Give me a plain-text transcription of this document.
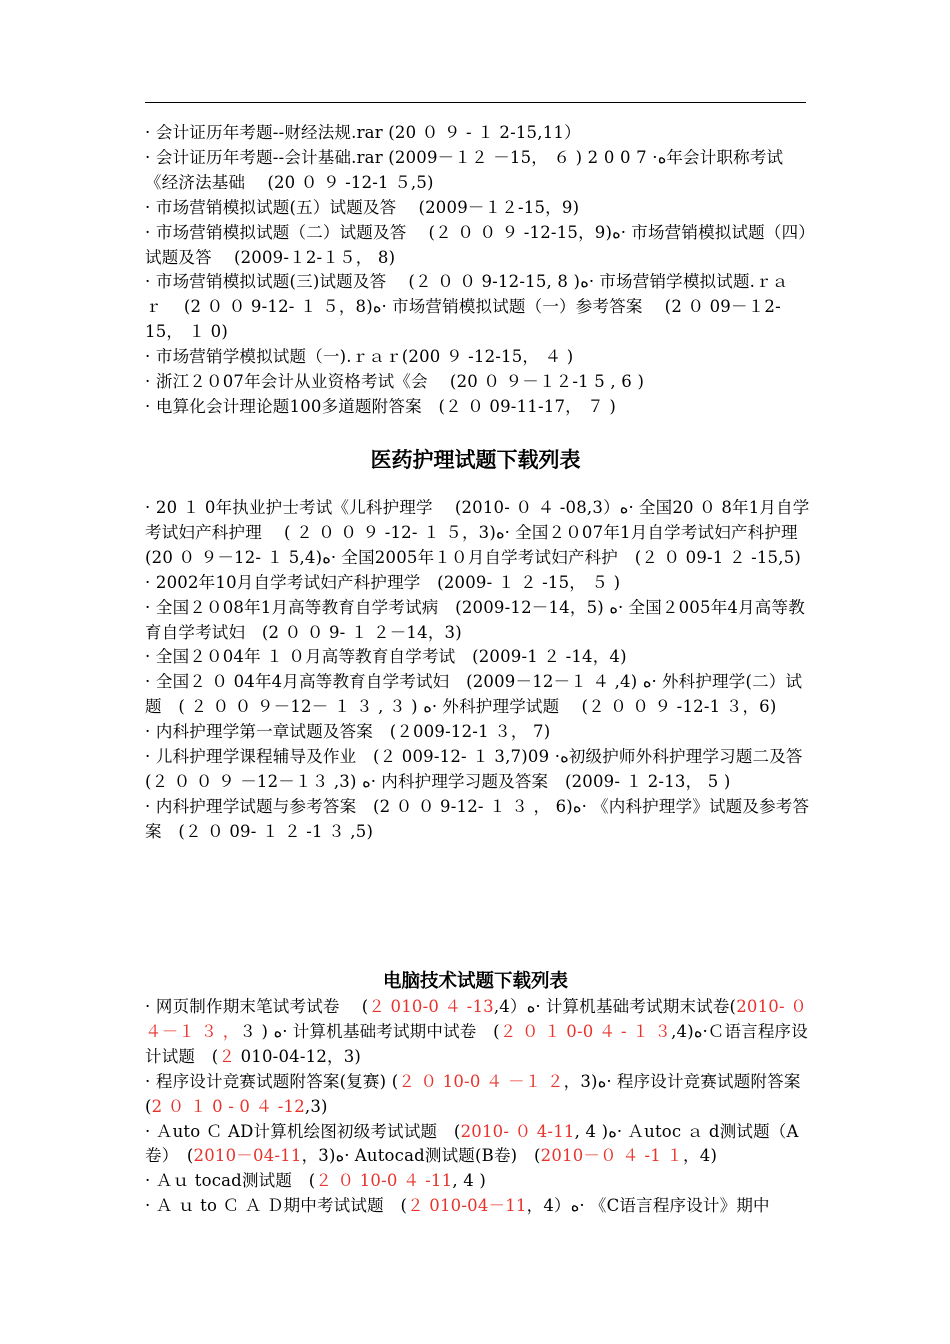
· 会计证历年考题--财经法规.rar (20 ０ ９ - １ 2-15,11）

· 会计证历年考题--会计基础.rar (2009－１２ －15， ６ ) 2 0 0 7 ·ﻩ年会计职称考试《经济法基础　 (20 ０ ９ -12-1 ５,5)

· 市场营销模拟试题(五）试题及答　 (2009－１２-15，9)

· 市场营销模拟试题（二）试题及答　 (２ ０ ０ ９ -12-15，9)ﻩ· 市场营销模拟试题（四）试题及答　 (2009-１2-１５， 8)

· 市场营销模拟试题(三)试题及答　 (２ ０ ０ 9-12-15, 8 )ﻩ· 市场营销学模拟试题.ｒａ ｒ　 (2 ０ ０ 9-12- １ ５，8)ﻩ· 市场营销模拟试题（一）参考答案　 (2 ０ 09－１2-15， １ 0)

· 市场营销学模拟试题（一).ｒａｒ(200 ９ -12-15， ４ )

· 浙江２０07年会计从业资格考试《会　 (20 ０ ９－１２-1 5 , 6 )

· 电算化会计理论题100多道题附答案　(２ ０ 09-11-17， ７ )

医药护理试题下载列表

· 20 １ 0年执业护士考试《儿科护理学　 (2010- ０ ４ -08,3）ﻩ· 全国20 ０ 8年1月自学考试妇产科护理　 ( ２ ０ ０ ９ -12- １ ５，3)ﻩ· 全国２０07年1月自学考试妇产科护理　 (20 ０ ９－12- １ 5,4)ﻩ· 全国2005年１０月自学考试妇产科护　(２ ０ 09-1 ２ -15,5)

· 2002年10月自学考试妇产科护理学　(2009- １ ２ -15， ５ )

· 全国２０08年1月高等教育自学考试病　(2009-12－14，5) ﻩ· 全国２005年4月高等教育自学考试妇　(2 ０ ０ 9- １ ２－14，3)

· 全国２０04年 １ ０月高等教育自学考试　(2009-1 ２ -14，4)

· 全国２ ０ 04年4月高等教育自学考试妇　(2009－12－１ ４ ,4) ﻩ· 外科护理学(二）试题　( ２ ０ ０ ９－12－ １ ３ , ３ ) ﻩ· 外科护理学试题　 (２ ０ ０ ９ -12-1 ３，6)

· 内科护理学第一章试题及答案　(２009-12-1 ３， 7)

· 儿科护理学课程辅导及作业　(２ 009-12- １ 3,7)09 ·ﻩ初级护师外科护理学习题二及答　 (２ ０ ０ ９ －12－１３ ,3) ﻩ· 内科护理学习题及答案　(2009- １ 2-13， 5 )

· 内科护理学试题与参考答案　(2 ０ ０ 9-12- １ ３ ， 6)ﻩ· 《内科护理学》试题及参考答案　(２ ０ 09- １ ２ -1 ３ ,5)

电脑技术试题下载列表

· 网页制作期末笔试考试卷　 (２ 010-0 ４ -13,4）ﻩ· 计算机基础考试期末试卷(2010- ０ ４－１ ３ ，３ ) ﻩ· 计算机基础考试期中试卷　(２ ０ １ 0-0 ４ - １ ３,4)ﻩ·Ｃ语言程序设计试题　(２ 010-04-12，3)

· 程序设计竞赛试题附答案(复赛) (２ ０ 10-0 ４ －１ ２，3)ﻩ· 程序设计竞赛试题附答案　(2 ０ １ 0 - 0 ４ -12,3)

· Ａuto Ｃ AD计算机绘图初级考试试题　(2010- ０ 4-11, 4 )ﻩ· Ａutoc ａ d测试题（A卷）　(2010－04-11，3)ﻩ· Autocad测试题(B卷)　(2010－０ ４ -1 １，4)

· Ａｕ tocad测试题　(２ ０ 10-0 ４ -11, 4 )

· Ａ ｕ to Ｃ Ａ Ｄ期中考试试题　(２ 010-04－11，4）ﻩ· 《C语言程序设计》期中
